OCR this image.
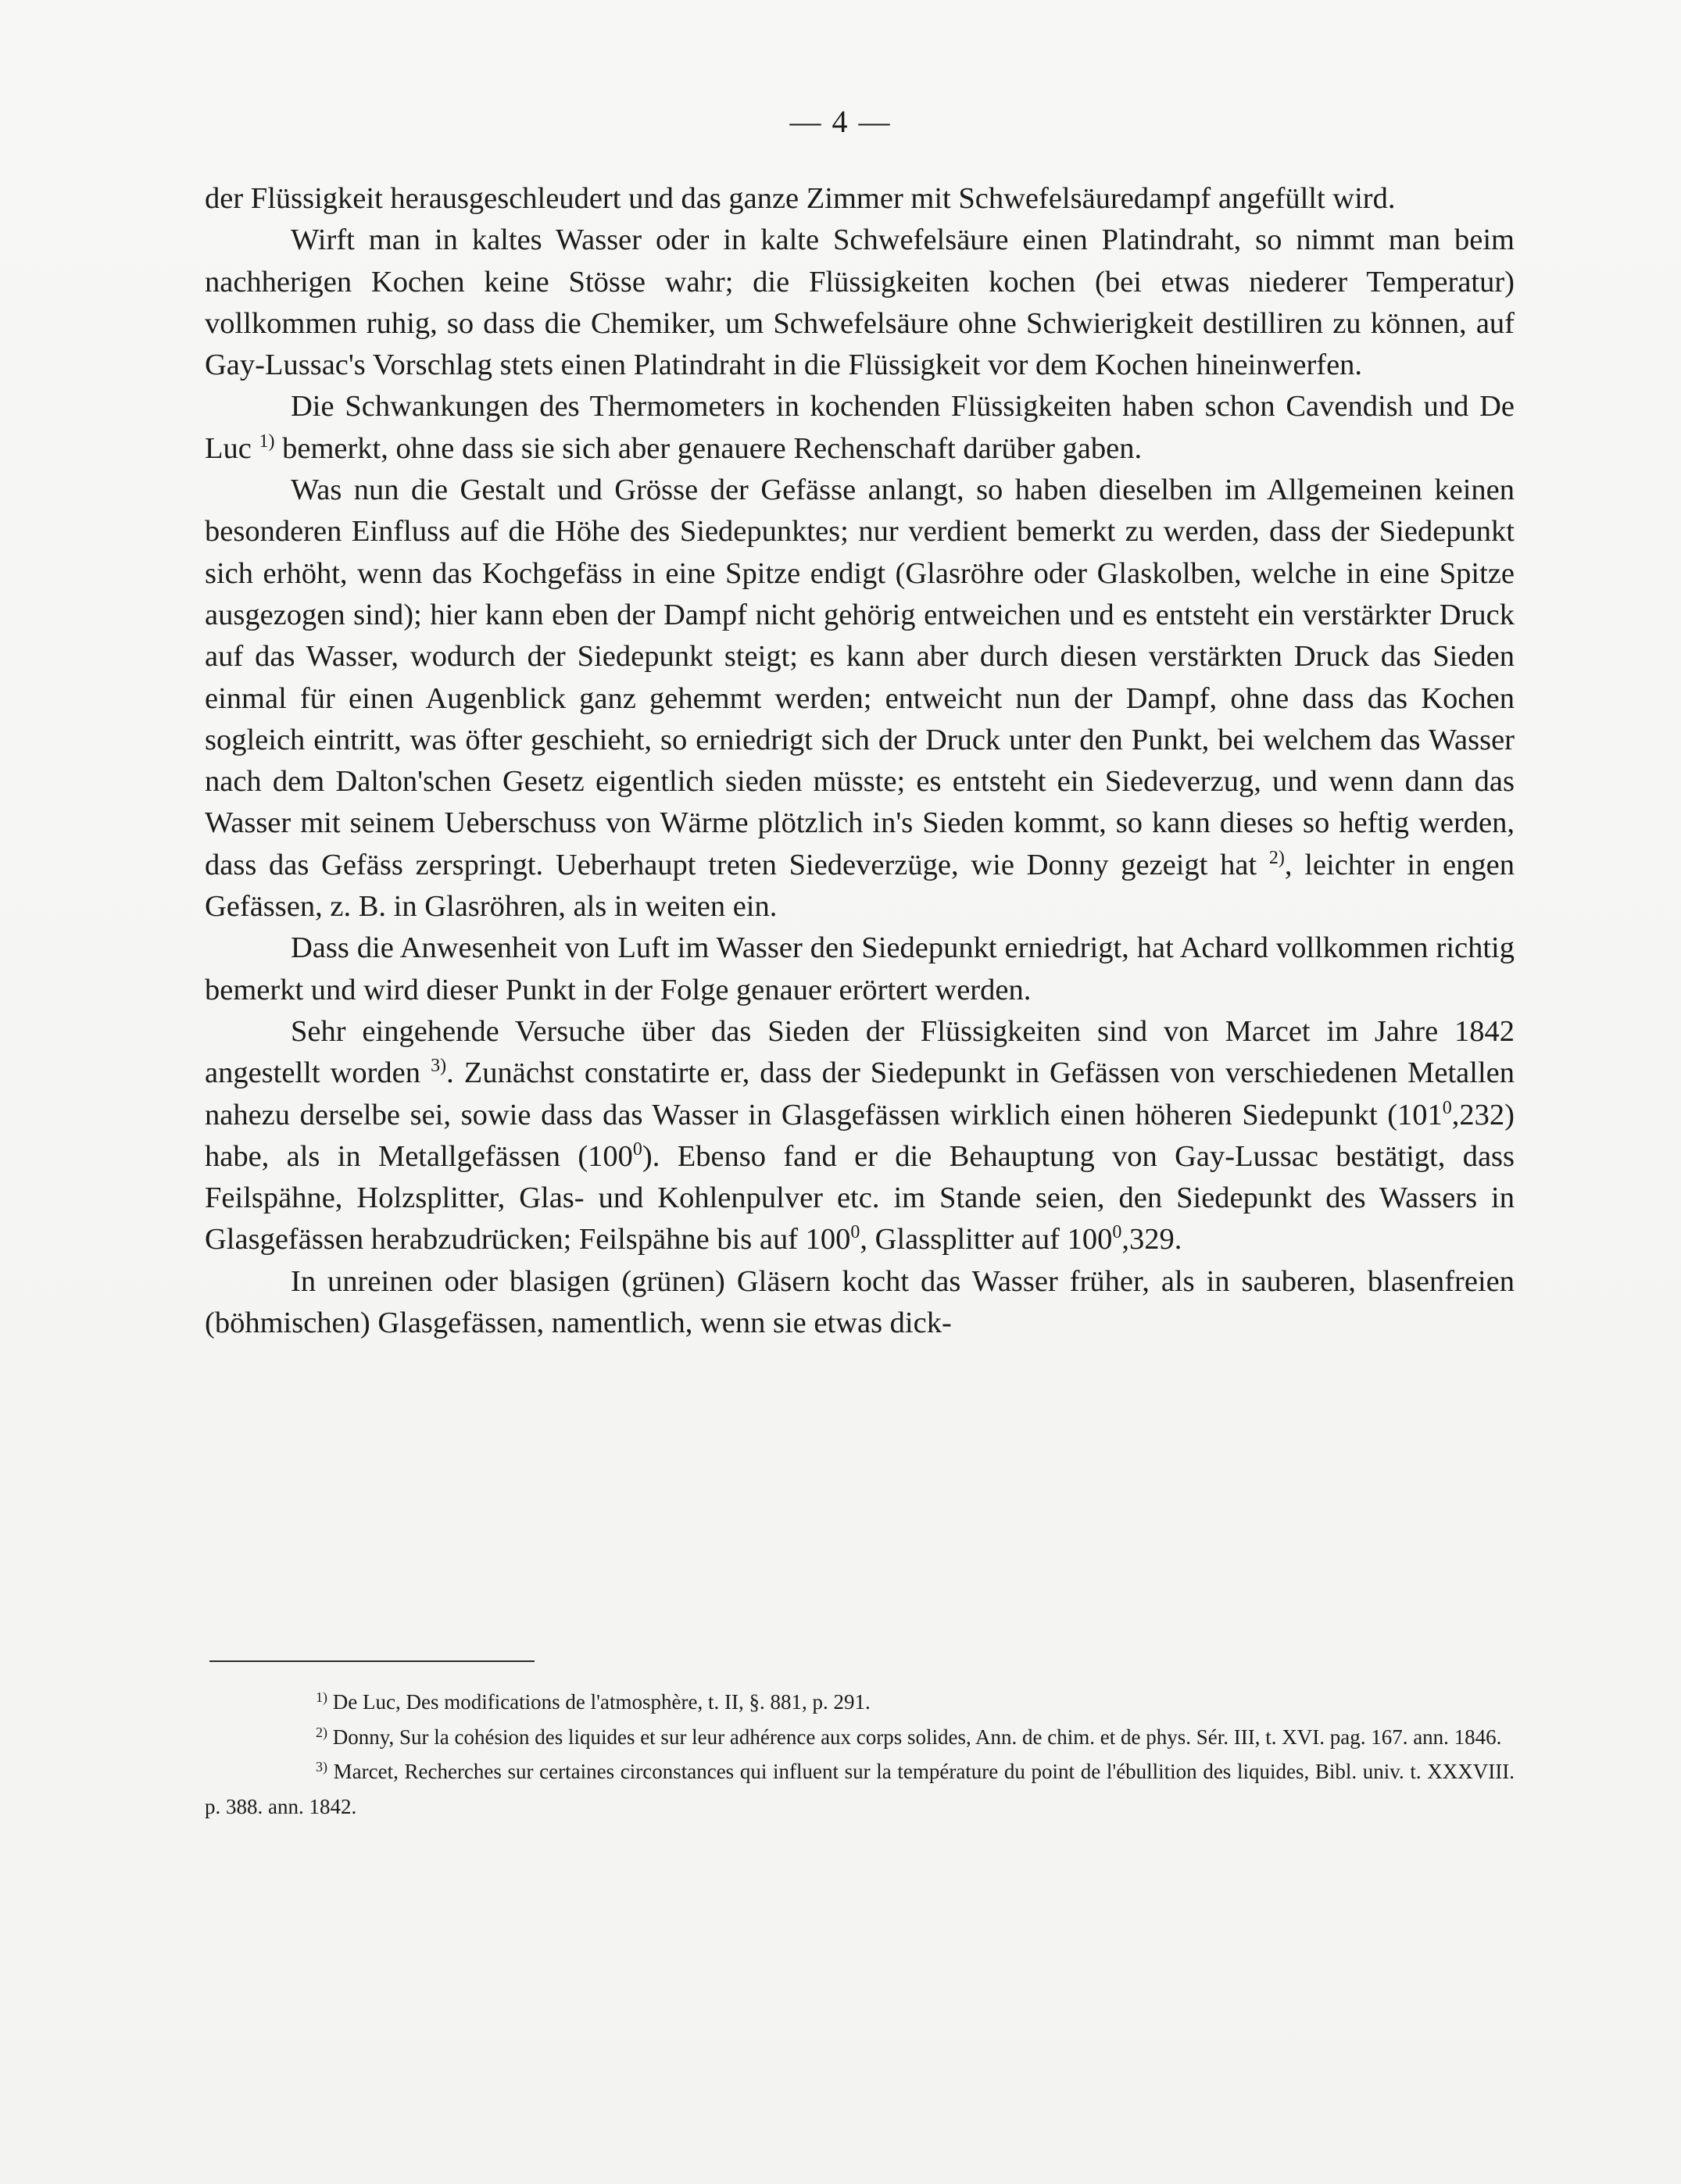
— 4 —

der Flüssigkeit herausgeschleudert und das ganze Zimmer mit Schwefelsäuredampf angefüllt wird.

Wirft man in kaltes Wasser oder in kalte Schwefelsäure einen Platindraht, so nimmt man beim nachherigen Kochen keine Stösse wahr; die Flüssigkeiten kochen (bei etwas niederer Temperatur) vollkommen ruhig, so dass die Chemiker, um Schwefelsäure ohne Schwierigkeit destilliren zu können, auf Gay-Lussac's Vorschlag stets einen Platindraht in die Flüssigkeit vor dem Kochen hineinwerfen.

Die Schwankungen des Thermometers in kochenden Flüssigkeiten haben schon Cavendish und De Luc $^{1)}$ bemerkt, ohne dass sie sich aber genauere Rechenschaft darüber gaben.

Was nun die Gestalt und Grösse der Gefässe anlangt, so haben dieselben im Allgemeinen keinen besonderen Einfluss auf die Höhe des Siedepunktes; nur verdient bemerkt zu werden, dass der Siedepunkt sich erhöht, wenn das Kochgefäss in eine Spitze endigt (Glasröhre oder Glaskolben, welche in eine Spitze ausgezogen sind); hier kann eben der Dampf nicht gehörig entweichen und es entsteht ein verstärkter Druck auf das Wasser, wodurch der Siedepunkt steigt; es kann aber durch diesen verstärkten Druck das Sieden einmal für einen Augenblick ganz gehemmt werden; entweicht nun der Dampf, ohne dass das Kochen sogleich eintritt, was öfter geschieht, so erniedrigt sich der Druck unter den Punkt, bei welchem das Wasser nach dem Dalton'schen Gesetz eigentlich sieden müsste; es entsteht ein Siedeverzug, und wenn dann das Wasser mit seinem Ueberschuss von Wärme plötzlich in's Sieden kommt, so kann dieses so heftig werden, dass das Gefäss zerspringt. Ueberhaupt treten Siedeverzüge, wie Donny gezeigt hat $^{2)}$, leichter in engen Gefässen, z. B. in Glasröhren, als in weiten ein.

Dass die Anwesenheit von Luft im Wasser den Siedepunkt erniedrigt, hat Achard vollkommen richtig bemerkt und wird dieser Punkt in der Folge genauer erörtert werden.

Sehr eingehende Versuche über das Sieden der Flüssigkeiten sind von Marcet im Jahre 1842 angestellt worden $^{3)}$. Zunächst constatirte er, dass der Siedepunkt in Gefässen von verschiedenen Metallen nahezu derselbe sei, sowie dass das Wasser in Glasgefässen wirklich einen höheren Siedepunkt $(101^0,232)$ habe, als in Metallgefässen $(100^0)$. Ebenso fand er die Behauptung von Gay-Lussac bestätigt, dass Feilspähne, Holzsplitter, Glas- und Kohlenpulver etc. im Stande seien, den Siedepunkt des Wassers in Glasgefässen herabzudrücken; Feilspähne bis auf $100^0$, Glassplitter auf $100^0,329$.

In unreinen oder blasigen (grünen) Gläsern kocht das Wasser früher, als in sauberen, blasenfreien (böhmischen) Glasgefässen, namentlich, wenn sie etwas dick-

$^{1)}$ De Luc, Des modifications de l'atmosphère, t. II, §. 881, p. 291.

$^{2)}$ Donny, Sur la cohésion des liquides et sur leur adhérence aux corps solides, Ann. de chim. et de phys. Sér. III, t. XVI. pag. 167. ann. 1846.

$^{3)}$ Marcet, Recherches sur certaines circonstances qui influent sur la température du point de l'ébullition des liquides, Bibl. univ. t. XXXVIII. p. 388. ann. 1842.
